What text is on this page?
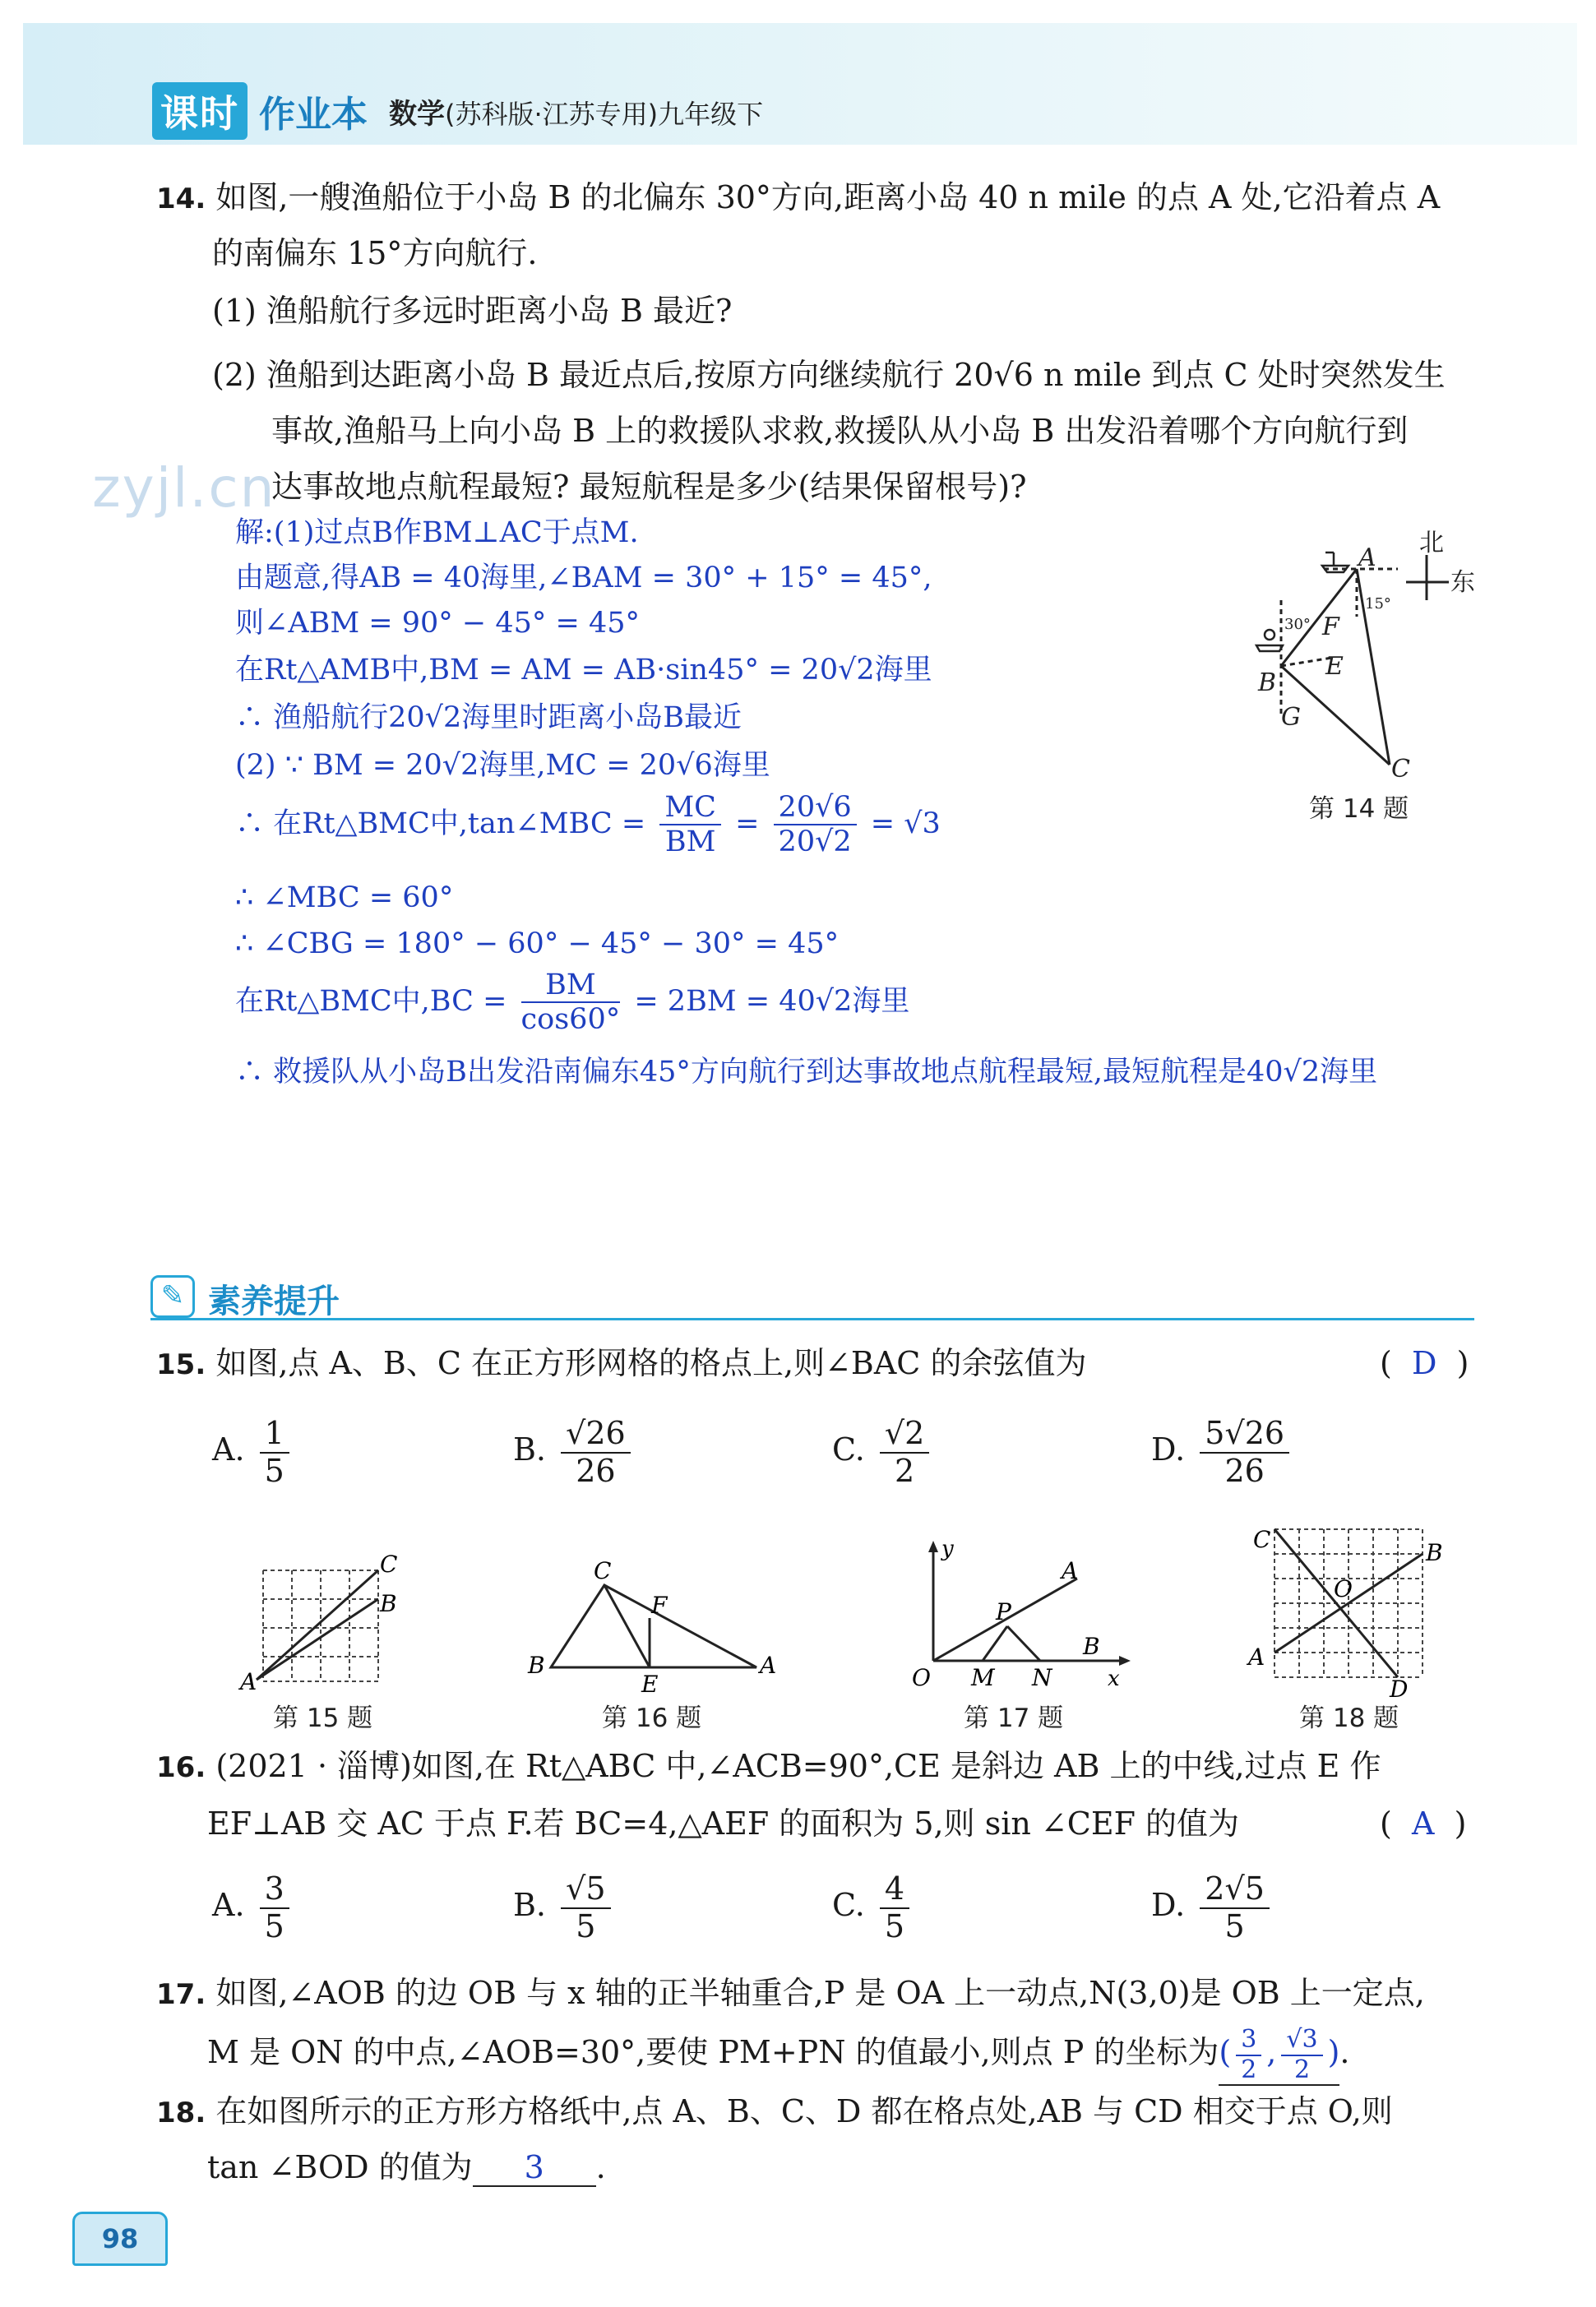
课时 作业本 数学(苏科版·江苏专用)九年级下
zyjl.cn
14. 如图,一艘渔船位于小岛 B 的北偏东 30°方向,距离小岛 40 n mile 的点 A 处,它沿着点 A
的南偏东 15°方向航行.
(1) 渔船航行多远时距离小岛 B 最近?
(2) 渔船到达距离小岛 B 最近点后,按原方向继续航行 20√6 n mile 到点 C 处时突然发生
事故,渔船马上向小岛 B 上的救援队求救,救援队从小岛 B 出发沿着哪个方向航行到
达事故地点航程最短? 最短航程是多少(结果保留根号)?
解:(1)过点B作BM⊥AC于点M.
由题意,得AB = 40海里,∠BAM = 30° + 15° = 45°,
则∠ABM = 90° − 45° = 45°
在Rt△AMB中,BM = AM = AB·sin45° = 20√2海里
∴ 渔船航行20√2海里时距离小岛B最近
(2) ∵ BM = 20√2海里,MC = 20√6海里
∴ 在Rt△BMC中,tan∠MBC = $\frac{MC}{BM} = \frac{20√6}{20√2} = √3$
∴ ∠MBC = 60°
∴ ∠CBG = 180° − 60° − 45° − 30° = 45°
在Rt△BMC中$,BC = \frac{BM}{\cos 60^\circ} = 2BM = 40√2$海里
∴ 救援队从小岛B出发沿南偏东45°方向航行到达事故地点航程最短,最短航程是40√2海里
北
东
A
B
C
E
F
G
30°
15°
第 14 题
✎ 素养提升
15. 如图,点 A、B、C 在正方形网格的格点上,则∠BAC 的余弦值为	( D )
A. $\frac{1}{5}$	B. $\frac{√26}{26}$	C. $\frac{√2}{2}$	D. $\frac{5√26}{26}$
A
B
C
第 15 题
C
F
B
E
A
第 16 题
y
x
O M N
P
A
B
第 17 题
A
B
C
D
O
第 18 题
16. (2021 · 淄博)如图,在 Rt△ABC 中,∠ACB=90°,CE 是斜边 AB 上的中线,过点 E 作
EF⊥AB 交 AC 于点 F.若 BC=4,△AEF 的面积为 5,则 sin ∠CEF 的值为	( A )
A. $\frac{3}{5}$	B. $\frac{√5}{5}$	C. $\frac{4}{5}$	D. $\frac{2√5}{5}$
17. 如图,∠AOB 的边 OB 与 x 轴的正半轴重合,P 是 OA 上一动点,N(3,0)是 OB 上一定点,
M 是 ON 的中点,∠AOB=30°,要使 PM+PN 的值最小,则点 P 的坐标为( $\frac{3}{2}$ , $\frac{√3}{2}$ ).
18. 在如图所示的正方形方格纸中,点 A、B、C、D 都在格点处,AB 与 CD 相交于点 O,则
tan ∠BOD 的值为 3 .
98
